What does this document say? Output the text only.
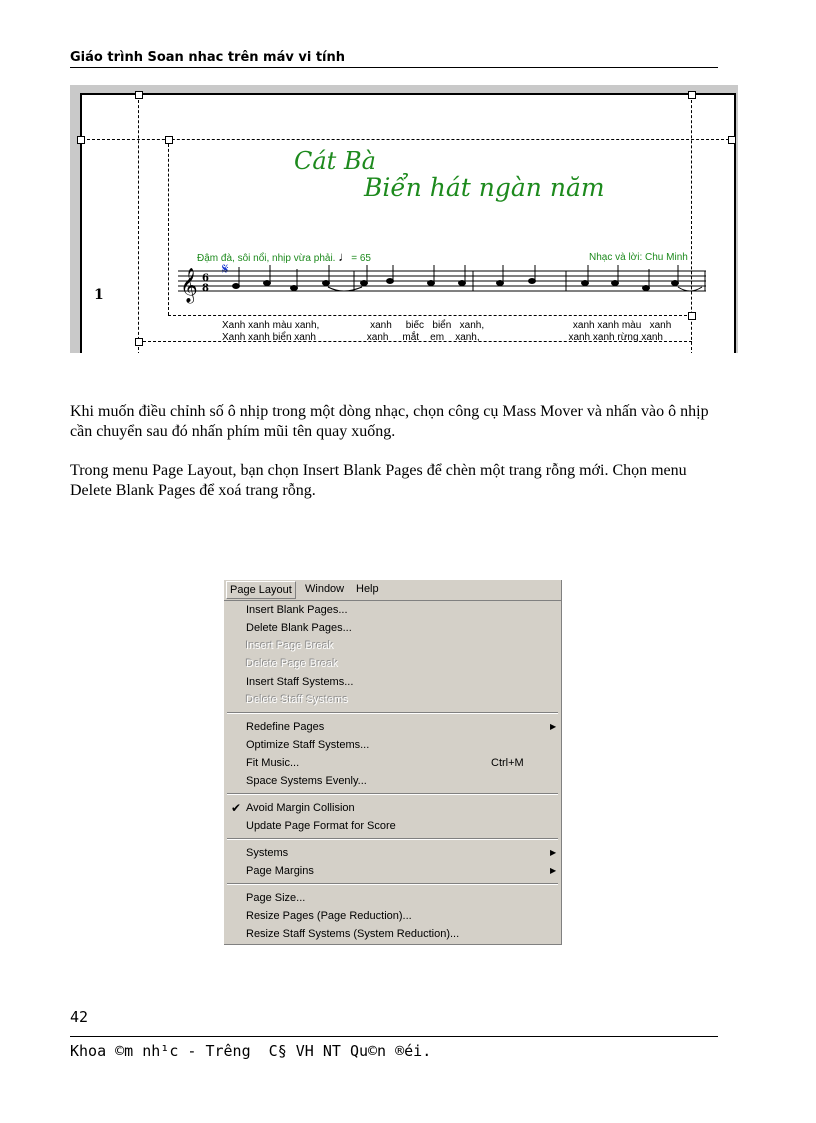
Giáo trình Soan nhac trên máv vi tính
Cát Bà
Biển hát ngàn năm
Đậm đà, sôi nổi, nhịp vừa phải. ♩= 65	Nhạc và lời: Chu Minh
1
𝄋
𝄞 6
8
Xanh xanh màu xanh,	xanh biếc biển xanh,	xanh xanh màu xanh
Xanh xanh biển xanh	xanh mắt em xanh,	xanh xanh rừng xanh
Khi muốn điều chỉnh số ô nhịp trong một dòng nhạc, chọn công cụ Mass Mover và nhấn vào ô nhịp cần chuyển sau đó nhấn phím mũi tên quay xuống.
Trong menu Page Layout, bạn chọn Insert Blank Pages để chèn một trang rỗng mới. Chọn menu Delete Blank Pages để xoá trang rỗng.
Page Layout	Window Help
Insert Blank Pages...
Delete Blank Pages...
Insert Page Break
Delete Page Break
Insert Staff Systems...
Delete Staff Systems
Redefine Pages	▶
Optimize Staff Systems...
Fit Music...	Ctrl+M
Space Systems Evenly...
✔ Avoid Margin Collision
Update Page Format for Score
Systems	▶
Page Margins	▶
Page Size...
Resize Pages (Page Reduction)...
Resize Staff Systems (System Reduction)...
42
Khoa ©m nh¹c - Trêng  C§ VH NT Qu©n ®éi.
